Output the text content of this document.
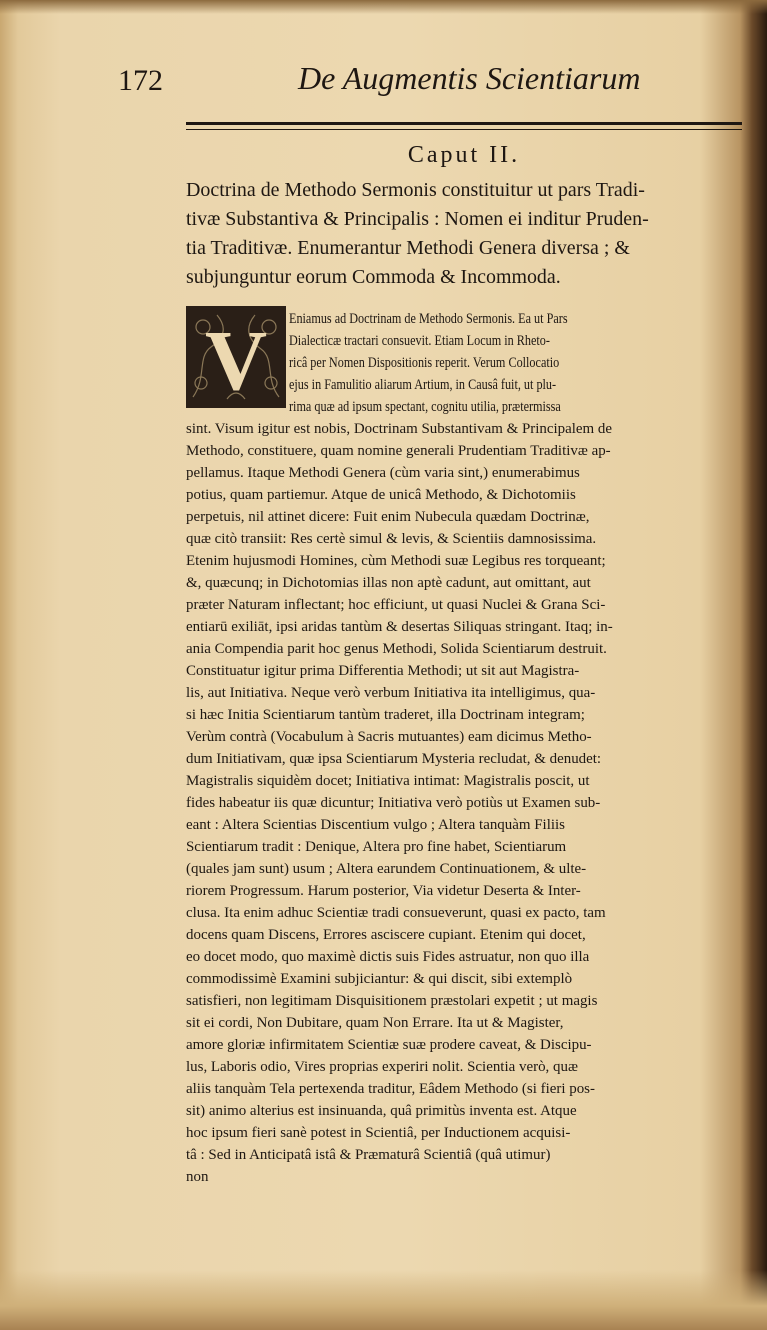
172	De Augmentis Scientiarum
Caput II.

Doctrina de Methodo Sermonis constituitur ut pars Tradi-

tivæ Substantiva & Principalis : Nomen ei inditur Pruden-

tia Traditivæ. Enumerantur Methodi Genera diversa ; &

subjunguntur eorum Commoda & Incommoda.

V	Eniamus ad Doctrinam de Methodo Sermonis. Ea ut Pars
Dialecticæ tractari consuevit. Etiam Locum in Rheto-
ricâ per Nomen Dispositionis reperit. Verum Collocatio
ejus in Famulitio aliarum Artium, in Causâ fuit, ut plu-
rima quæ ad ipsum spectant, cognitu utilia, prætermissa
sint. Visum igitur est nobis, Doctrinam Substantivam & Principalem de
Methodo, constituere, quam nomine generali Prudentiam Traditivæ ap-
pellamus. Itaque Methodi Genera (cùm varia sint,) enumerabimus
potius, quam partiemur. Atque de unicâ Methodo, & Dichotomiis
perpetuis, nil attinet dicere: Fuit enim Nubecula quædam Doctrinæ,
quæ citò transiit: Res certè simul & levis, & Scientiis damnosissima.
Etenim hujusmodi Homines, cùm Methodi suæ Legibus res torqueant;
&, quæcunq; in Dichotomias illas non aptè cadunt, aut omittant, aut
præter Naturam inflectant; hoc efficiunt, ut quasi Nuclei & Grana Sci-
entiarū exiliāt, ipsi aridas tantùm & desertas Siliquas stringant. Itaq; in-
ania Compendia parit hoc genus Methodi, Solida Scientiarum destruit.
Constituatur igitur prima Differentia Methodi; ut sit aut Magistra-
lis, aut Initiativa. Neque verò verbum Initiativa ita intelligimus, qua-
si hæc Initia Scientiarum tantùm traderet, illa Doctrinam integram;
Verùm contrà (Vocabulum à Sacris mutuantes) eam dicimus Metho-
dum Initiativam, quæ ipsa Scientiarum Mysteria recludat, & denudet:
Magistralis siquidèm docet; Initiativa intimat: Magistralis poscit, ut
fides habeatur iis quæ dicuntur; Initiativa verò potiùs ut Examen sub-
eant : Altera Scientias Discentium vulgo ; Altera tanquàm Filiis
Scientiarum tradit : Denique, Altera pro fine habet, Scientiarum
(quales jam sunt) usum ; Altera earundem Continuationem, & ulte-
riorem Progressum. Harum posterior, Via videtur Deserta & Inter-
clusa. Ita enim adhuc Scientiæ tradi consueverunt, quasi ex pacto, tam
docens quam Discens, Errores asciscere cupiant. Etenim qui docet,
eo docet modo, quo maximè dictis suis Fides astruatur, non quo illa
commodissimè Examini subjiciantur: & qui discit, sibi extemplò
satisfieri, non legitimam Disquisitionem præstolari expetit ; ut magis
sit ei cordi, Non Dubitare, quam Non Errare. Ita ut & Magister,
amore gloriæ infirmitatem Scientiæ suæ prodere caveat, & Discipu-
lus, Laboris odio, Vires proprias experiri nolit. Scientia verò, quæ
aliis tanquàm Tela pertexenda traditur, Eâdem Methodo (si fieri pos-
sit) animo alterius est insinuanda, quâ primitùs inventa est. Atque
hoc ipsum fieri sanè potest in Scientiâ, per Inductionem acquisi-
tâ : Sed in Anticipatâ istâ & Præmaturâ Scientiâ (quâ utimur)
non
